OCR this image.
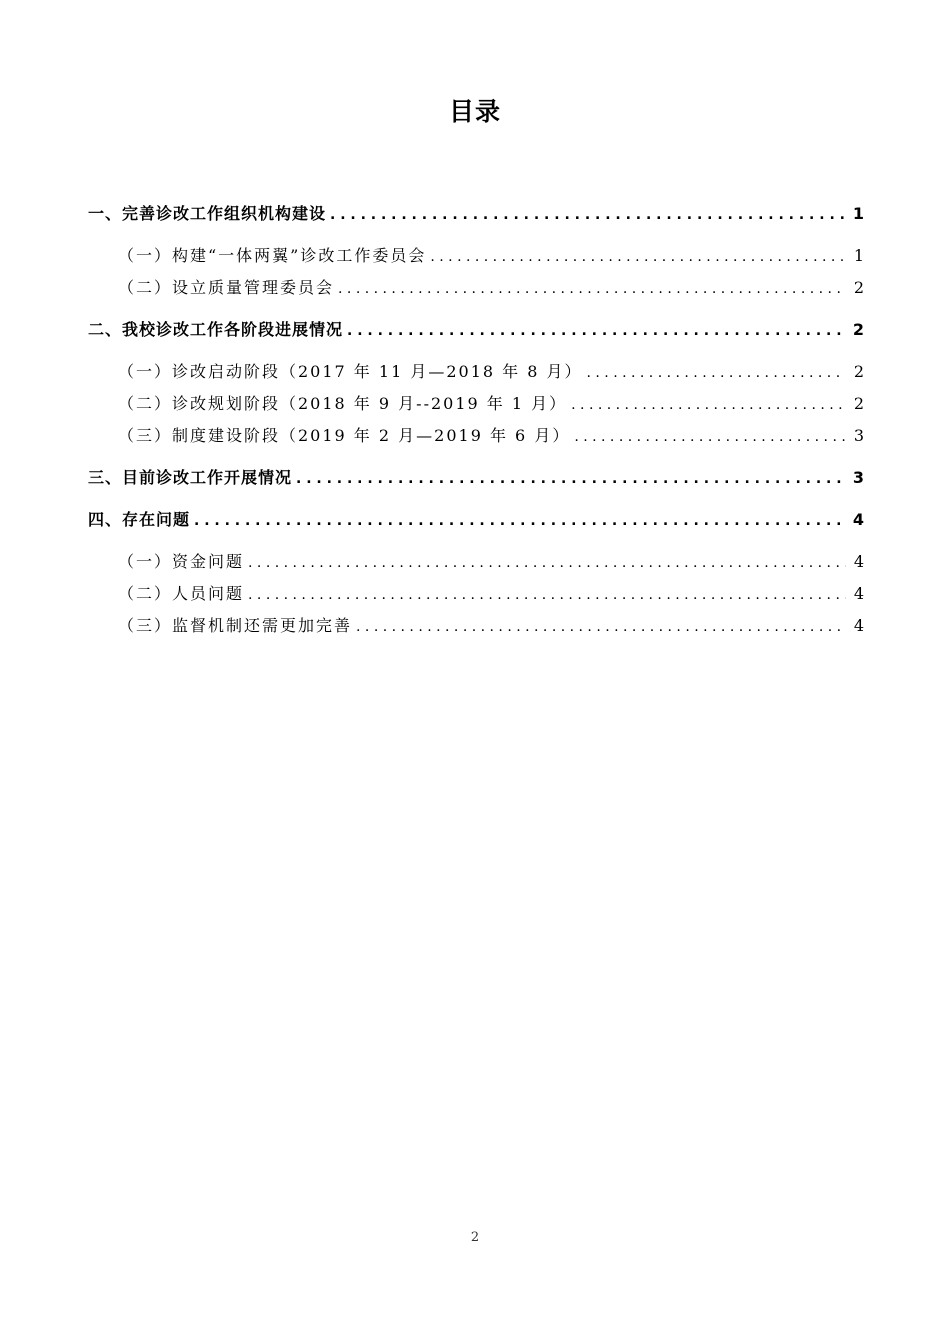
目录
一、完善诊改工作组织机构建设 . . .	1
（一）构建“一体两翼”诊改工作委员会 . . .	1
（二）设立质量管理委员会 . . .	2
二、我校诊改工作各阶段进展情况 . . .	2
（一）诊改启动阶段（2017 年 11 月—2018 年 8 月） . . .	2
（二）诊改规划阶段（2018 年 9 月--2019 年 1 月） . . .	2
（三）制度建设阶段（2019 年 2 月—2019 年 6 月） . . .	3
三、目前诊改工作开展情况 . . .	3
四、存在问题 . . .	4
（一）资金问题 . . .	4
（二）人员问题 . . .	4
（三）监督机制还需更加完善 . . .	4
2
